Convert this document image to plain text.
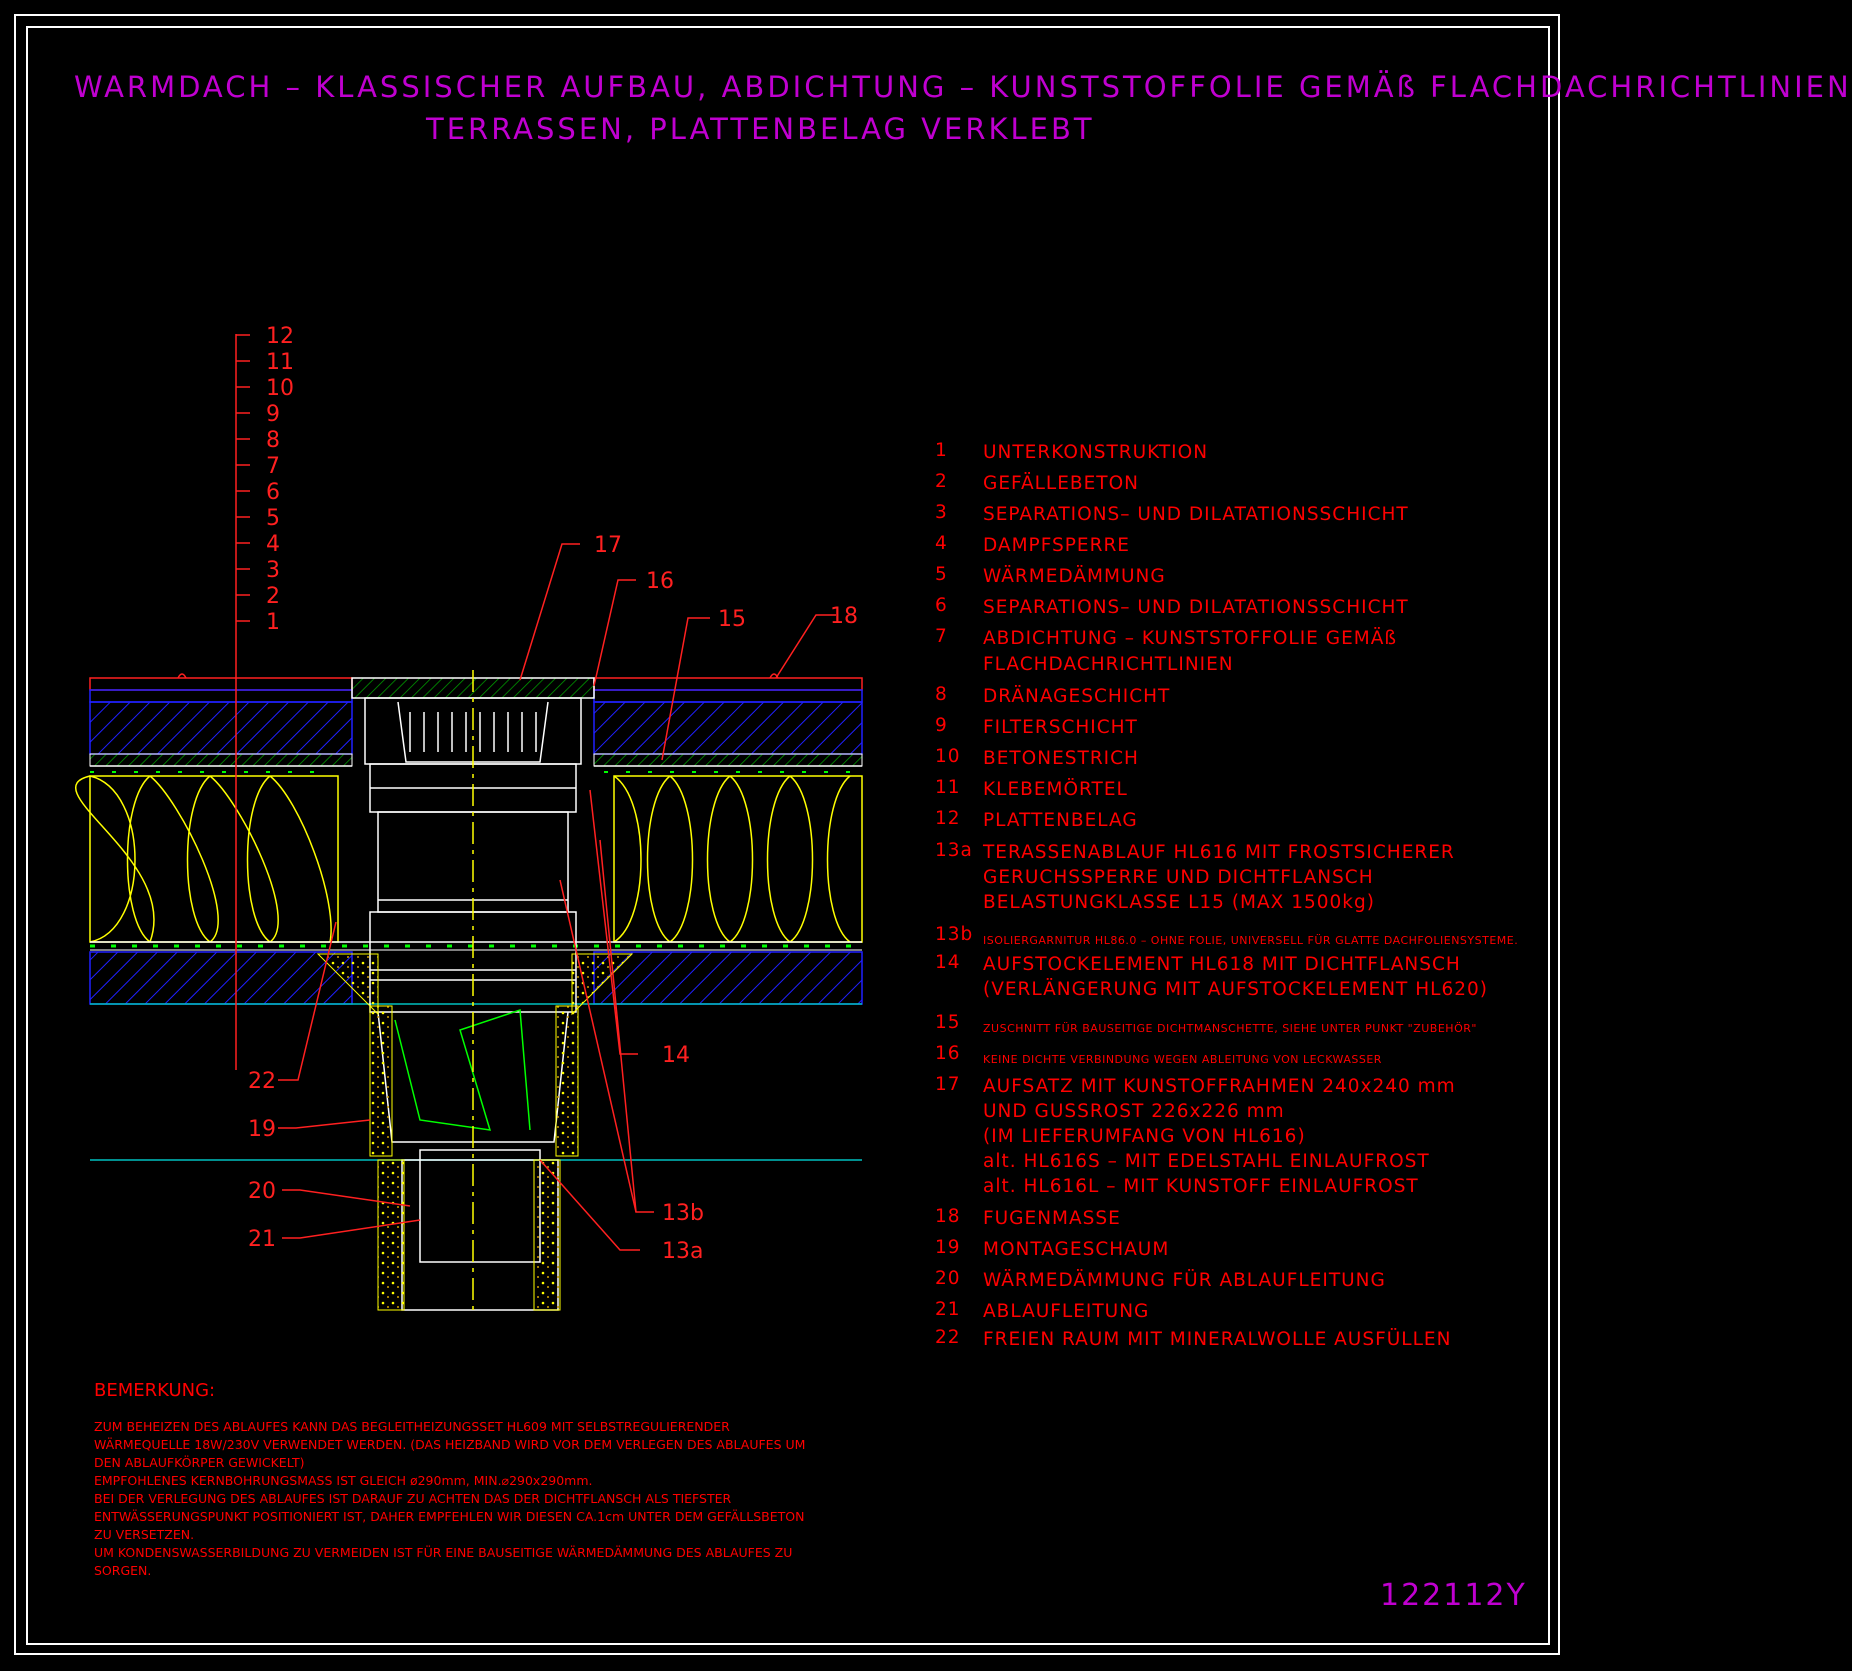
WARMDACH – KLASSISCHER AUFBAU, ABDICHTUNG – KUNSTSTOFFOLIE GEMÄß FLACHDACHRICHTLINIEN
TERRASSEN, PLATTENBELAG VERKLEBT
12
11
10
9
8
7
6
5
4
3
2
1
17
16
15	18
14
22
19
20
21
13b
13a
1	UNTERKONSTRUKTION
2	GEFÄLLEBETON
3	SEPARATIONS– UND DILATATIONSSCHICHT
4	DAMPFSPERRE
5	WÄRMEDÄMMUNG
6	SEPARATIONS– UND DILATATIONSSCHICHT
7	ABDICHTUNG – KUNSTSTOFFOLIE GEMÄß
FLACHDACHRICHTLINIEN
8	DRÄNAGESCHICHT
9	FILTERSCHICHT
10	BETONESTRICH
11	KLEBEMÖRTEL
12	PLATTENBELAG
13a TERASSENABLAUF HL616 MIT FROSTSICHERER
GERUCHSSPERRE UND DICHTFLANSCH
BELASTUNGKLASSE L15 (MAX 1500kg)
13b ISOLIERGARNITUR HL86.0 – OHNE FOLIE, UNIVERSELL FÜR GLATTE DACHFOLIENSYSTEME.
14	AUFSTOCKELEMENT HL618 MIT DICHTFLANSCH
(VERLÄNGERUNG MIT AUFSTOCKELEMENT HL620)
15	ZUSCHNITT FÜR BAUSEITIGE DICHTMANSCHETTE, SIEHE UNTER PUNKT "ZUBEHÖR"
16	KEINE DICHTE VERBINDUNG WEGEN ABLEITUNG VON LECKWASSER
17	AUFSATZ MIT KUNSTOFFRAHMEN 240x240 mm
UND GUSSROST 226x226 mm
(IM LIEFERUMFANG VON HL616)
alt. HL616S – MIT EDELSTAHL EINLAUFROST
alt. HL616L – MIT KUNSTOFF EINLAUFROST
18	FUGENMASSE
19	MONTAGESCHAUM
20	WÄRMEDÄMMUNG FÜR ABLAUFLEITUNG
21	ABLAUFLEITUNG
22	FREIEN RAUM MIT MINERALWOLLE AUSFÜLLEN
BEMERKUNG:
ZUM BEHEIZEN DES ABLAUFES KANN DAS BEGLEITHEIZUNGSSET HL609 MIT SELBSTREGULIERENDER
WÄRMEQUELLE 18W/230V VERWENDET WERDEN. (DAS HEIZBAND WIRD VOR DEM VERLEGEN DES ABLAUFES UM
DEN ABLAUFKÖRPER GEWICKELT)
EMPFOHLENES KERNBOHRUNGSMASS IST GLEICH ø290mm, MIN.⌀290x290mm.
BEI DER VERLEGUNG DES ABLAUFES IST DARAUF ZU ACHTEN DAS DER DICHTFLANSCH ALS TIEFSTER
ENTWÄSSERUNGSPUNKT POSITIONIERT IST, DAHER EMPFEHLEN WIR DIESEN CA.1cm UNTER DEM GEFÄLLSBETON
ZU VERSETZEN.
UM KONDENSWASSERBILDUNG ZU VERMEIDEN IST FÜR EINE BAUSEITIGE WÄRMEDÄMMUNG DES ABLAUFES ZU
SORGEN.
122112Y
